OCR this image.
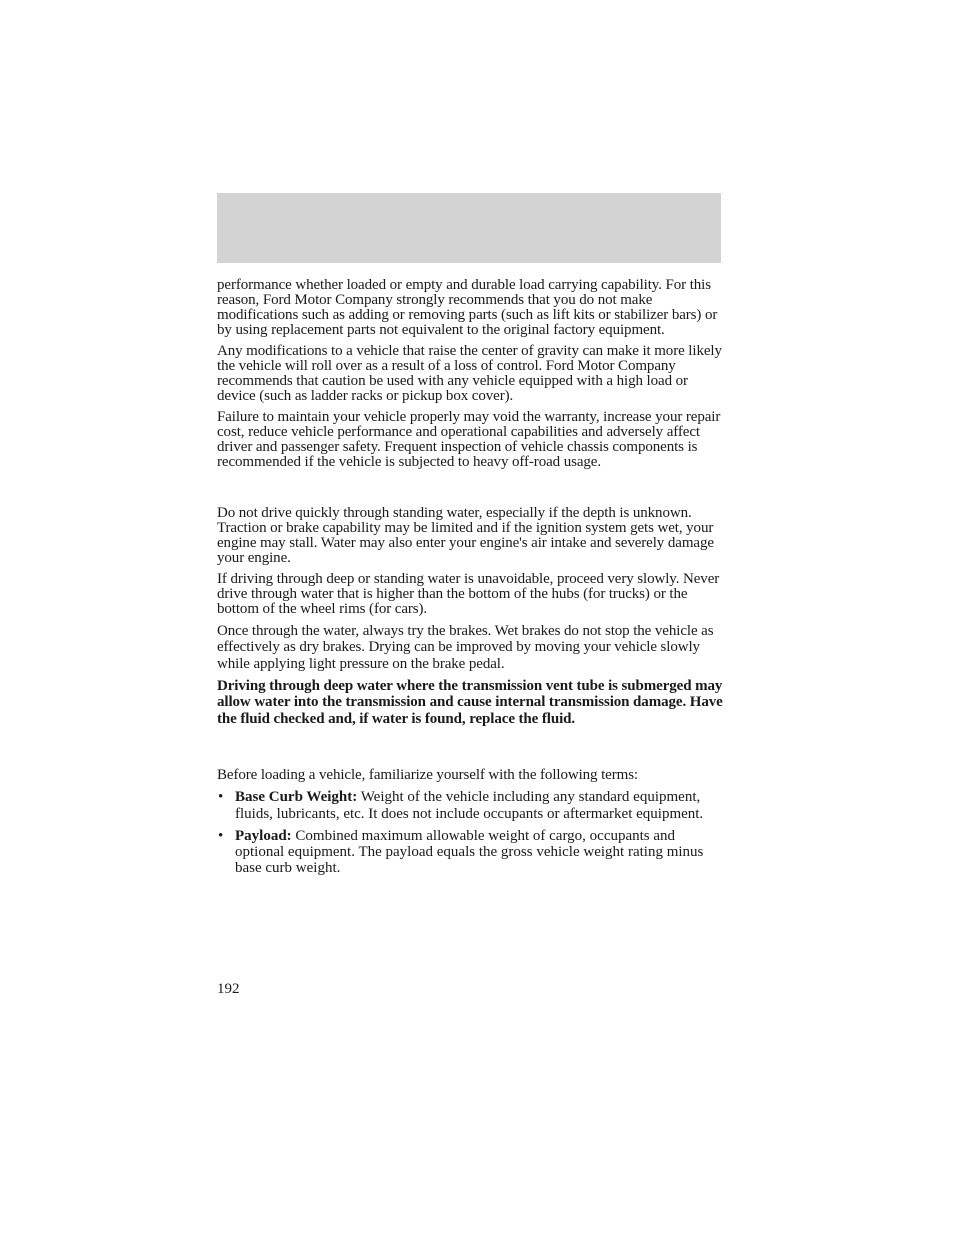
performance whether loaded or empty and durable load carrying capability. For this reason, Ford Motor Company strongly recommends that you do not make modifications such as adding or removing parts (such as lift kits or stabilizer bars) or by using replacement parts not equivalent to the original factory equipment.

Any modifications to a vehicle that raise the center of gravity can make it more likely the vehicle will roll over as a result of a loss of control. Ford Motor Company recommends that caution be used with any vehicle equipped with a high load or device (such as ladder racks or pickup box cover).

Failure to maintain your vehicle properly may void the warranty, increase your repair cost, reduce vehicle performance and operational capabilities and adversely affect driver and passenger safety. Frequent inspection of vehicle chassis components is recommended if the vehicle is subjected to heavy off-road usage.

Do not drive quickly through standing water, especially if the depth is unknown. Traction or brake capability may be limited and if the ignition system gets wet, your engine may stall. Water may also enter your engine's air intake and severely damage your engine.

If driving through deep or standing water is unavoidable, proceed very slowly. Never drive through water that is higher than the bottom of the hubs (for trucks) or the bottom of the wheel rims (for cars).

Once through the water, always try the brakes. Wet brakes do not stop the vehicle as effectively as dry brakes. Drying can be improved by moving your vehicle slowly while applying light pressure on the brake pedal.

Driving through deep water where the transmission vent tube is submerged may allow water into the transmission and cause internal transmission damage. Have the fluid checked and, if water is found, replace the fluid.

Before loading a vehicle, familiarize yourself with the following terms:

• Base Curb Weight: Weight of the vehicle including any standard equipment, fluids, lubricants, etc. It does not include occupants or aftermarket equipment.
• Payload: Combined maximum allowable weight of cargo, occupants and optional equipment. The payload equals the gross vehicle weight rating minus base curb weight.
192
